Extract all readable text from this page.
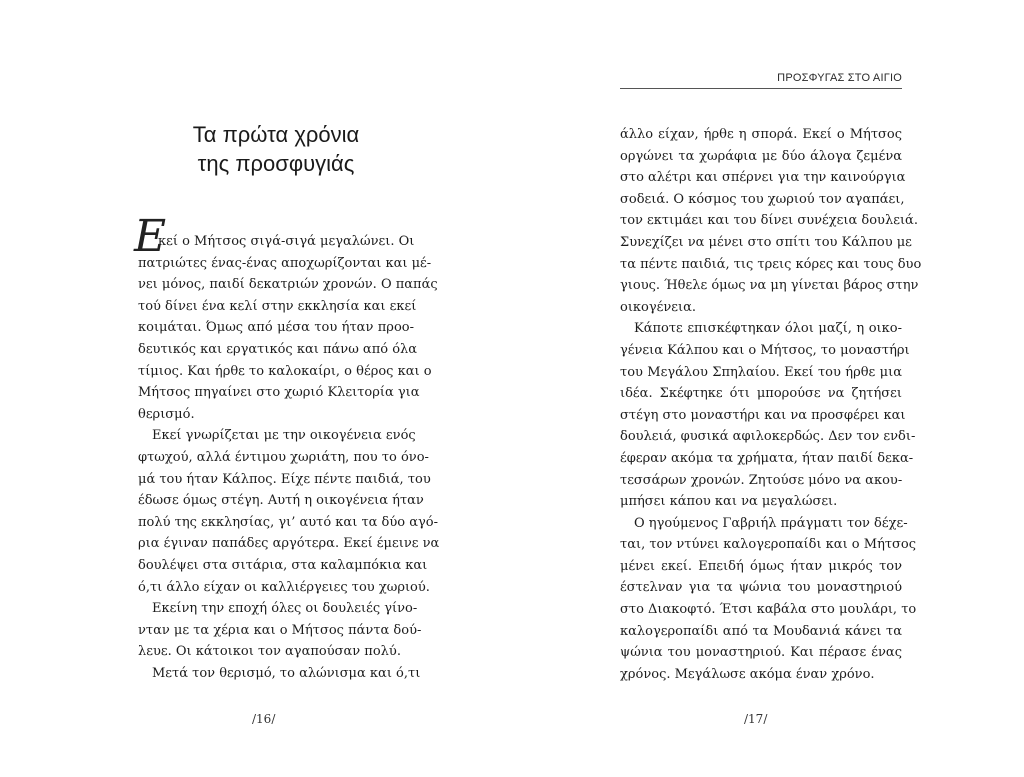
Τα πρώτα χρόνια
της προσφυγιάς
Ε
κεί ο Μήτσος σιγά-σιγά μεγαλώνει. Οι
πατριώτες ένας-ένας αποχωρίζονται και μέ-
νει μόνος, παιδί δεκατριών χρονών. Ο παπάς
τού δίνει ένα κελί στην εκκλησία και εκεί
κοιμάται. Όμως από μέσα του ήταν προο-
δευτικός και εργατικός και πάνω από όλα
τίμιος. Και ήρθε το καλοκαίρι, ο θέρος και ο
Μήτσος πηγαίνει στο χωριό Κλειτορία για
θερισμό.
Εκεί γνωρίζεται με την οικογένεια ενός
φτωχού, αλλά έντιμου χωριάτη, που το όνο-
μά του ήταν Κάλπος. Είχε πέντε παιδιά, του
έδωσε όμως στέγη. Αυτή η οικογένεια ήταν
πολύ της εκκλησίας, γι’ αυτό και τα δύο αγό-
ρια έγιναν παπάδες αργότερα. Εκεί έμεινε να
δουλέψει στα σιτάρια, στα καλαμπόκια και
ό,τι άλλο είχαν οι καλλιέργειες του χωριού.
Εκείνη την εποχή όλες οι δουλειές γίνο-
νταν με τα χέρια και ο Μήτσος πάντα δού-
λευε. Οι κάτοικοι τον αγαπούσαν πολύ.
Μετά τον θερισμό, το αλώνισμα και ό,τι
/16/
ΠΡΟΣΦΥΓΑΣ ΣΤΟ ΑΙΓΙΟ
άλλο είχαν, ήρθε η σπορά. Εκεί ο Μήτσος
οργώνει τα χωράφια με δύο άλογα ζεμένα
στο αλέτρι και σπέρνει για την καινούργια
σοδειά. Ο κόσμος του χωριού τον αγαπάει,
τον εκτιμάει και του δίνει συνέχεια δουλειά.
Συνεχίζει να μένει στο σπίτι του Κάλπου με
τα πέντε παιδιά, τις τρεις κόρες και τους δυο
γιους. Ήθελε όμως να μη γίνεται βάρος στην
οικογένεια.
Κάποτε επισκέφτηκαν όλοι μαζί, η οικο-
γένεια Κάλπου και ο Μήτσος, το μοναστήρι
του Μεγάλου Σπηλαίου. Εκεί του ήρθε μια
ιδέα. Σκέφτηκε ότι μπορούσε να ζητήσει
στέγη στο μοναστήρι και να προσφέρει και
δουλειά, φυσικά αφιλοκερδώς. Δεν τον ενδι-
έφεραν ακόμα τα χρήματα, ήταν παιδί δεκα-
τεσσάρων χρονών. Ζητούσε μόνο να ακου-
μπήσει κάπου και να μεγαλώσει.
Ο ηγούμενος Γαβριήλ πράγματι τον δέχε-
ται, τον ντύνει καλογεροπαίδι και ο Μήτσος
μένει εκεί. Επειδή όμως ήταν μικρός τον
έστελναν για τα ψώνια του μοναστηριού
στο Διακοφτό. Έτσι καβάλα στο μουλάρι, το
καλογεροπαίδι από τα Μουδανιά κάνει τα
ψώνια του μοναστηριού. Και πέρασε ένας
χρόνος. Μεγάλωσε ακόμα έναν χρόνο.
/17/
